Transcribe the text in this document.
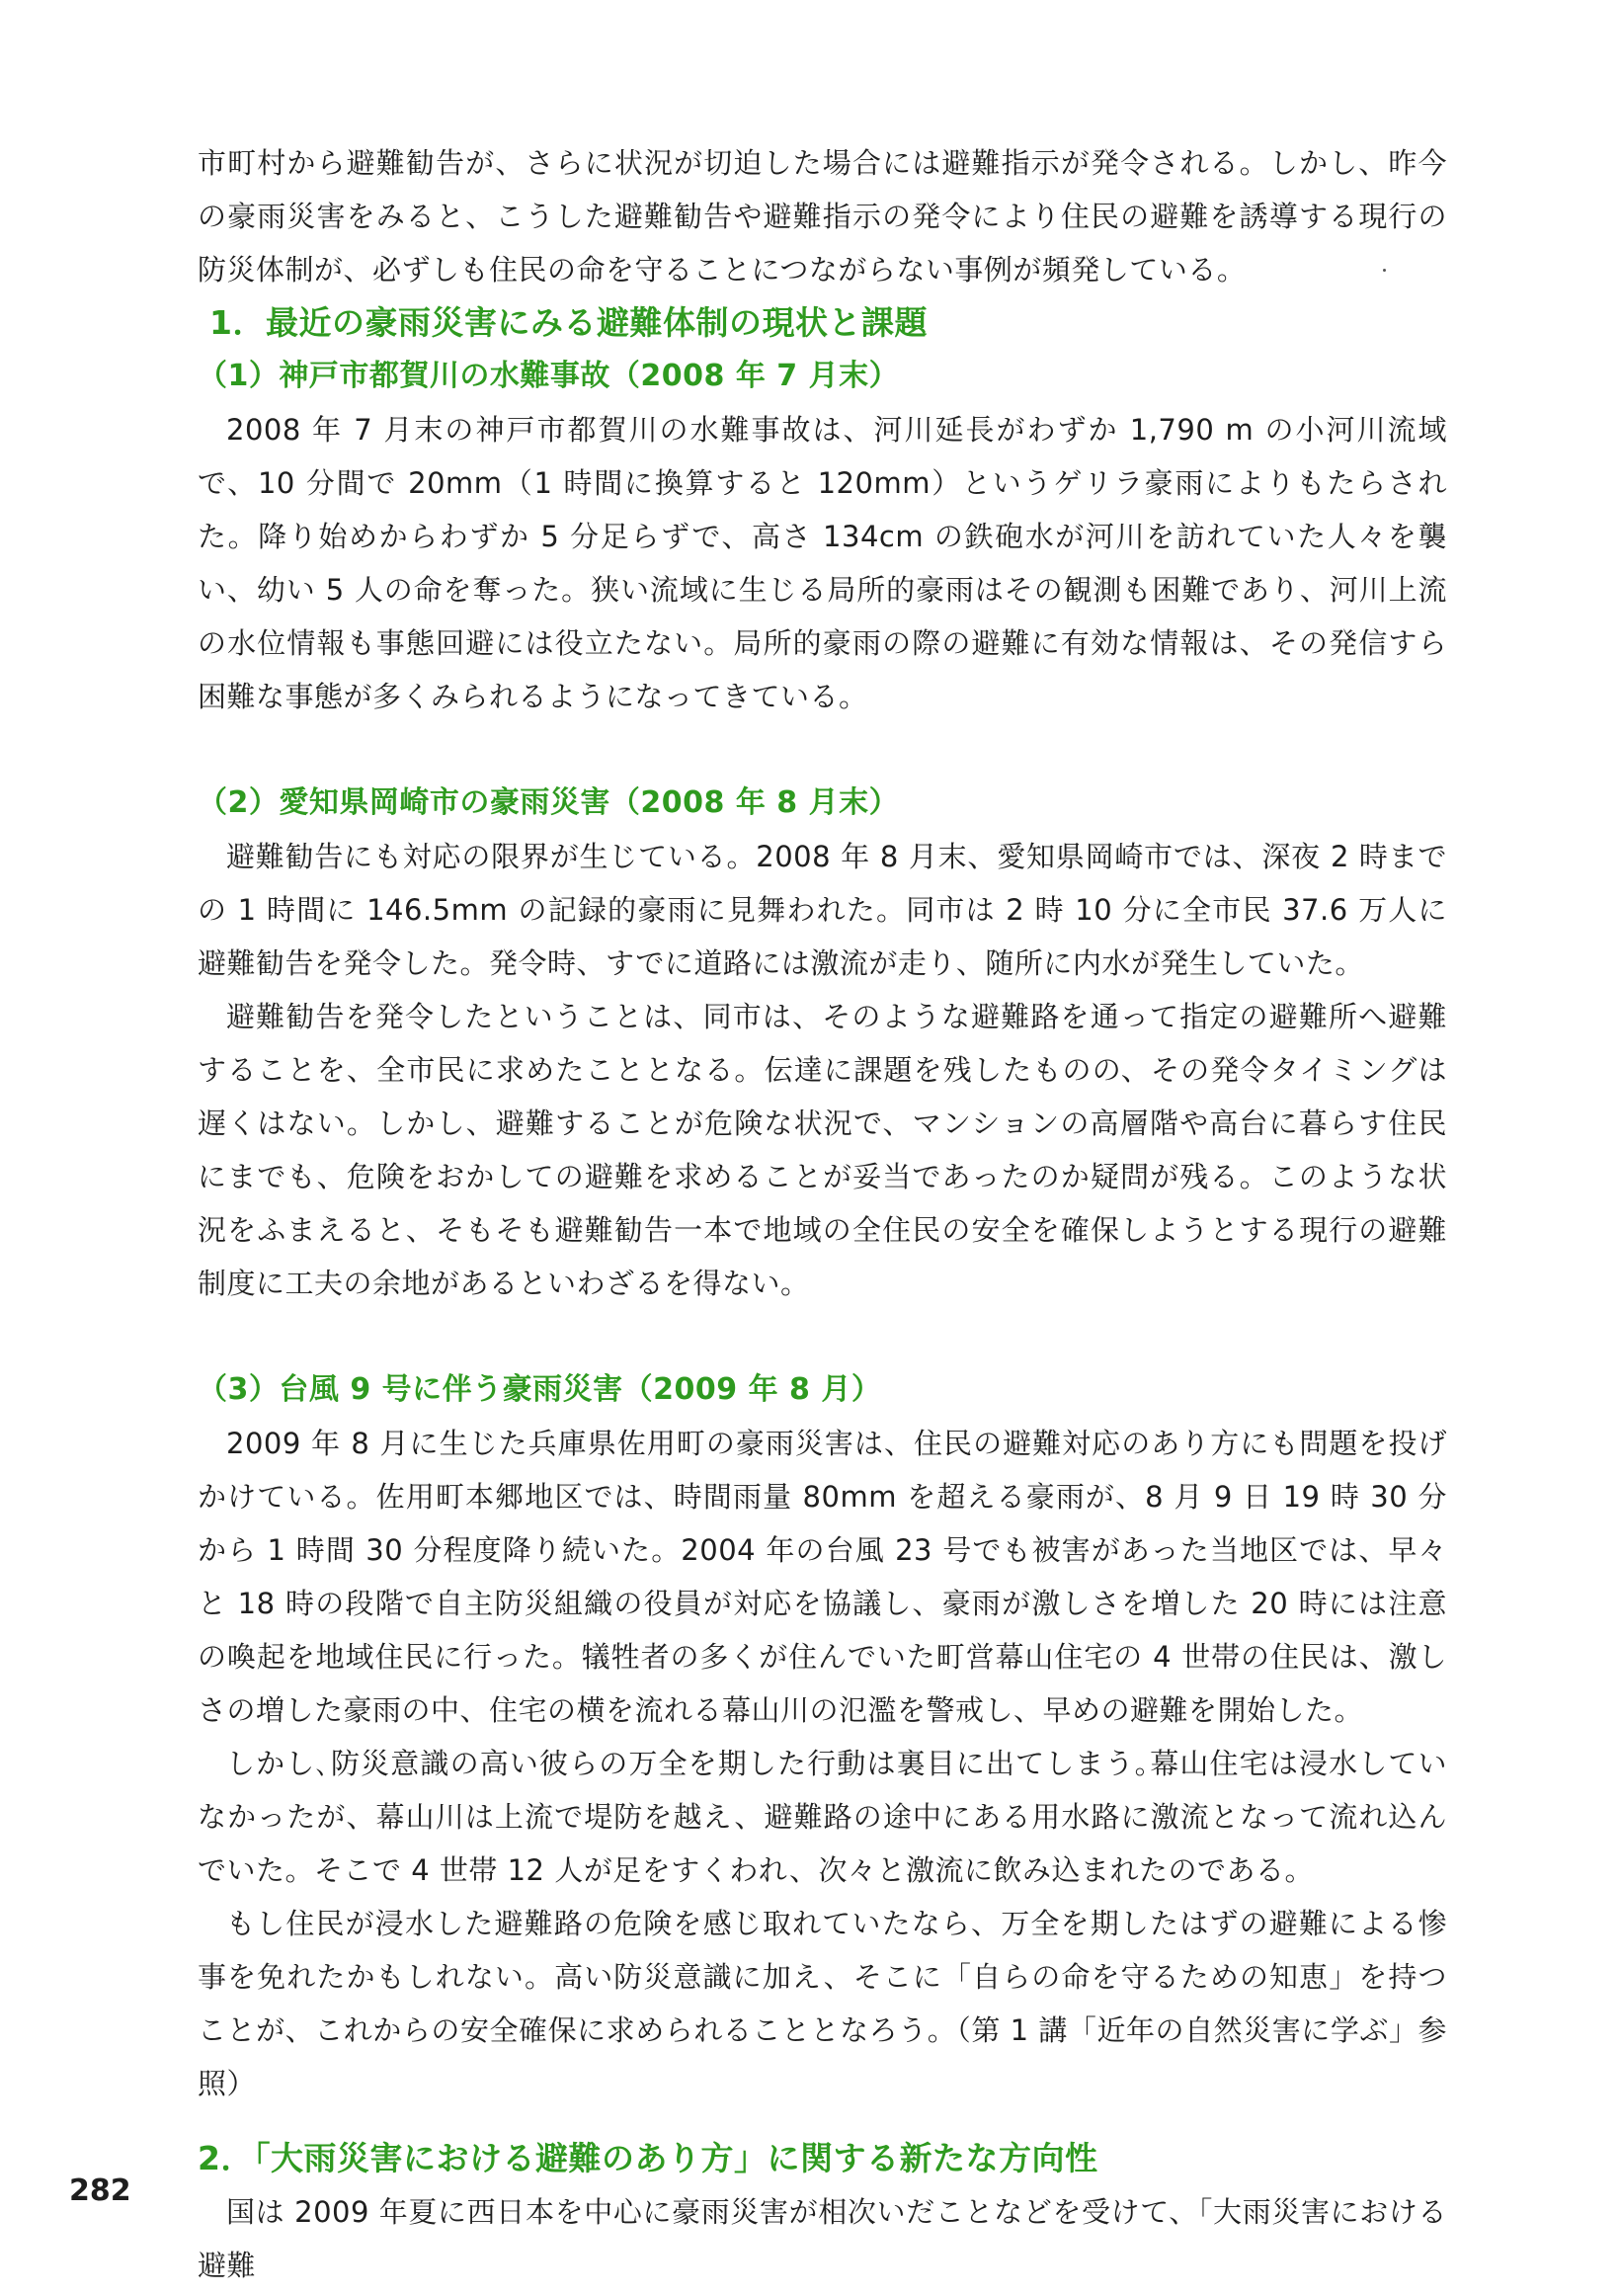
市町村から避難勧告が、さらに状況が切迫した場合には避難指示が発令される。しかし、昨今の豪雨災害をみると、こうした避難勧告や避難指示の発令により住民の避難を誘導する現行の防災体制が、必ずしも住民の命を守ることにつながらない事例が頻発している。

1．最近の豪雨災害にみる避難体制の現状と課題
（1）神戸市都賀川の水難事故（2008 年 7 月末）

2008 年 7 月末の神戸市都賀川の水難事故は、河川延長がわずか 1,790 m の小河川流域で、10 分間で 20mm（1 時間に換算すると 120mm）というゲリラ豪雨によりもたらされた。降り始めからわずか 5 分足らずで、高さ 134cm の鉄砲水が河川を訪れていた人々を襲い、幼い 5 人の命を奪った。狭い流域に生じる局所的豪雨はその観測も困難であり、河川上流の水位情報も事態回避には役立たない。局所的豪雨の際の避難に有効な情報は、その発信すら困難な事態が多くみられるようになってきている。

（2）愛知県岡崎市の豪雨災害（2008 年 8 月末）

避難勧告にも対応の限界が生じている。2008 年 8 月末、愛知県岡崎市では、深夜 2 時までの 1 時間に 146.5mm の記録的豪雨に見舞われた。同市は 2 時 10 分に全市民 37.6 万人に避難勧告を発令した。発令時、すでに道路には激流が走り、随所に内水が発生していた。

避難勧告を発令したということは、同市は、そのような避難路を通って指定の避難所へ避難することを、全市民に求めたこととなる。伝達に課題を残したものの、その発令タイミングは遅くはない。しかし、避難することが危険な状況で、マンションの高層階や高台に暮らす住民にまでも、危険をおかしての避難を求めることが妥当であったのか疑問が残る。このような状況をふまえると、そもそも避難勧告一本で地域の全住民の安全を確保しようとする現行の避難制度に工夫の余地があるといわざるを得ない。

（3）台風 9 号に伴う豪雨災害（2009 年 8 月）

2009 年 8 月に生じた兵庫県佐用町の豪雨災害は、住民の避難対応のあり方にも問題を投げかけている。佐用町本郷地区では、時間雨量 80mm を超える豪雨が、8 月 9 日 19 時 30 分から 1 時間 30 分程度降り続いた。2004 年の台風 23 号でも被害があった当地区では、早々と 18 時の段階で自主防災組織の役員が対応を協議し、豪雨が激しさを増した 20 時には注意の喚起を地域住民に行った。犠牲者の多くが住んでいた町営幕山住宅の 4 世帯の住民は、激しさの増した豪雨の中、住宅の横を流れる幕山川の氾濫を警戒し、早めの避難を開始した。

しかし､防災意識の高い彼らの万全を期した行動は裏目に出てしまう｡幕山住宅は浸水していなかったが、幕山川は上流で堤防を越え、避難路の途中にある用水路に激流となって流れ込んでいた。そこで 4 世帯 12 人が足をすくわれ、次々と激流に飲み込まれたのである。

もし住民が浸水した避難路の危険を感じ取れていたなら、万全を期したはずの避難による惨事を免れたかもしれない。高い防災意識に加え、そこに「自らの命を守るための知恵」を持つことが、これからの安全確保に求められることとなろう。（第 1 講「近年の自然災害に学ぶ」参照）

2．「大雨災害における避難のあり方」に関する新たな方向性

国は 2009 年夏に西日本を中心に豪雨災害が相次いだことなどを受けて、「大雨災害における避難

282
